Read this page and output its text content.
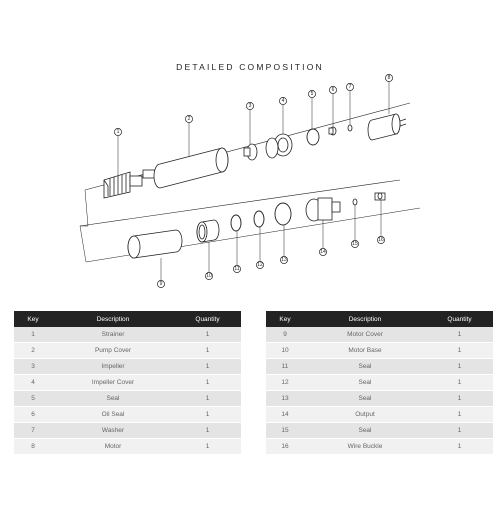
DETAILED COMPOSITION
1
2
3
4
5
6	7
8
9
10
11
12
13
14
15
16
Key	Description	Quantity
1	Strainer	1
2	Pump Cover	1
3	Impeller	1
4	Impeller Cover	1
5	Seal	1
6	Oil Seal	1
7	Washer	1
8	Motor	1
Key	Description	Quantity
9	Motor Cover	1
10	Motor Base	1
11	Seal	1
12	Seal	1
13	Seal	1
14	Output	1
15	Seal	1
16	Wire Buckle	1
